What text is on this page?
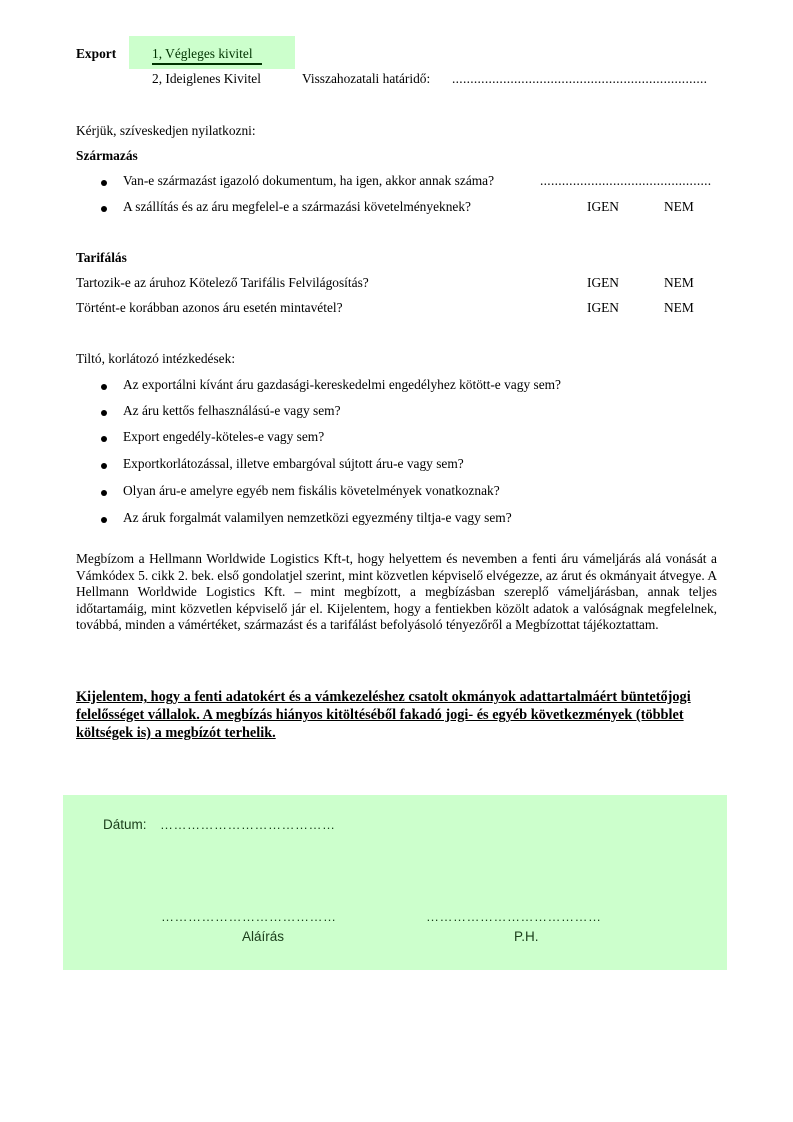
Export	1, Végleges kivitel
2, Ideiglenes Kivitel	Visszahozatali határidő: ......................................................................
Kérjük, szíveskedjen nyilatkozni:
Származás
Van-e származást igazoló dokumentum, ha igen, akkor annak száma?	...............................................
A szállítás és az áru megfelel-e a származási követelményeknek?	IGEN	NEM
Tarifálás
Tartozik-e az áruhoz Kötelező Tarifális Felvilágosítás?	IGEN	NEM
Történt-e korábban azonos áru esetén mintavétel?	IGEN	NEM
Tiltó, korlátozó intézkedések:
Az exportálni kívánt áru gazdasági-kereskedelmi engedélyhez kötött-e vagy sem?
Az áru kettős felhasználású-e vagy sem?
Export engedély-köteles-e vagy sem?
Exportkorlátozással, illetve embargóval sújtott áru-e vagy sem?
Olyan áru-e amelyre egyéb nem fiskális követelmények vonatkoznak?
Az áruk forgalmát valamilyen nemzetközi egyezmény tiltja-e vagy sem?
Megbízom a Hellmann Worldwide Logistics Kft-t, hogy helyettem és nevemben a fenti áru vámeljárás alá vonását a Vámkódex 5. cikk 2. bek. első gondolatjel szerint, mint közvetlen képviselő elvégezze, az árut és okmányait átvegye. A Hellmann Worldwide Logistics Kft. – mint megbízott, a megbízásban szereplő vámeljárásban, annak teljes időtartamáig, mint közvetlen képviselő jár el. Kijelentem, hogy a fentiekben közölt adatok a valóságnak megfelelnek, továbbá, minden a vámértéket, származást és a tarifálást befolyásoló tényezőről a Megbízottat tájékoztattam.
Kijelentem, hogy a fenti adatokért és a vámkezeléshez csatolt okmányok adattartalmáért büntetőjogi felelősséget vállalok. A megbízás hiányos kitöltéséből fakadó jogi- és egyéb következmények (többlet költségek is) a megbízót terhelik.
Dátum: …………………………………
…………………………………	…………………………………
Aláírás	P.H.
